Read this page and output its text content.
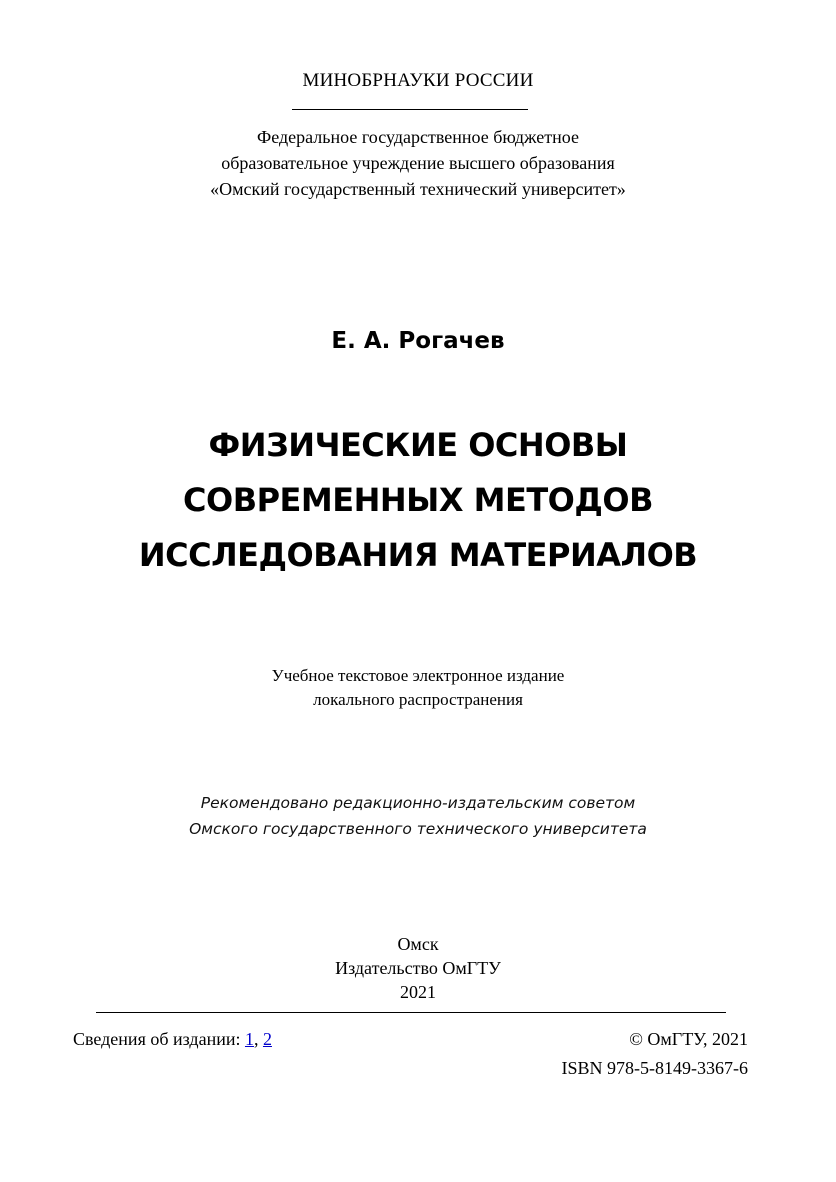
МИНОБРНАУКИ РОССИИ
Федеральное государственное бюджетное
образовательное учреждение высшего образования
«Омский государственный технический университет»
Е. А. Рогачев
ФИЗИЧЕСКИЕ ОСНОВЫ
СОВРЕМЕННЫХ МЕТОДОВ
ИССЛЕДОВАНИЯ МАТЕРИАЛОВ
Учебное текстовое электронное издание
локального распространения
Рекомендовано редакционно-издательским советом
Омского государственного технического университета
Омск
Издательство ОмГТУ
2021
Сведения об издании: 1, 2	© ОмГТУ, 2021
ISBN 978-5-8149-3367-6
